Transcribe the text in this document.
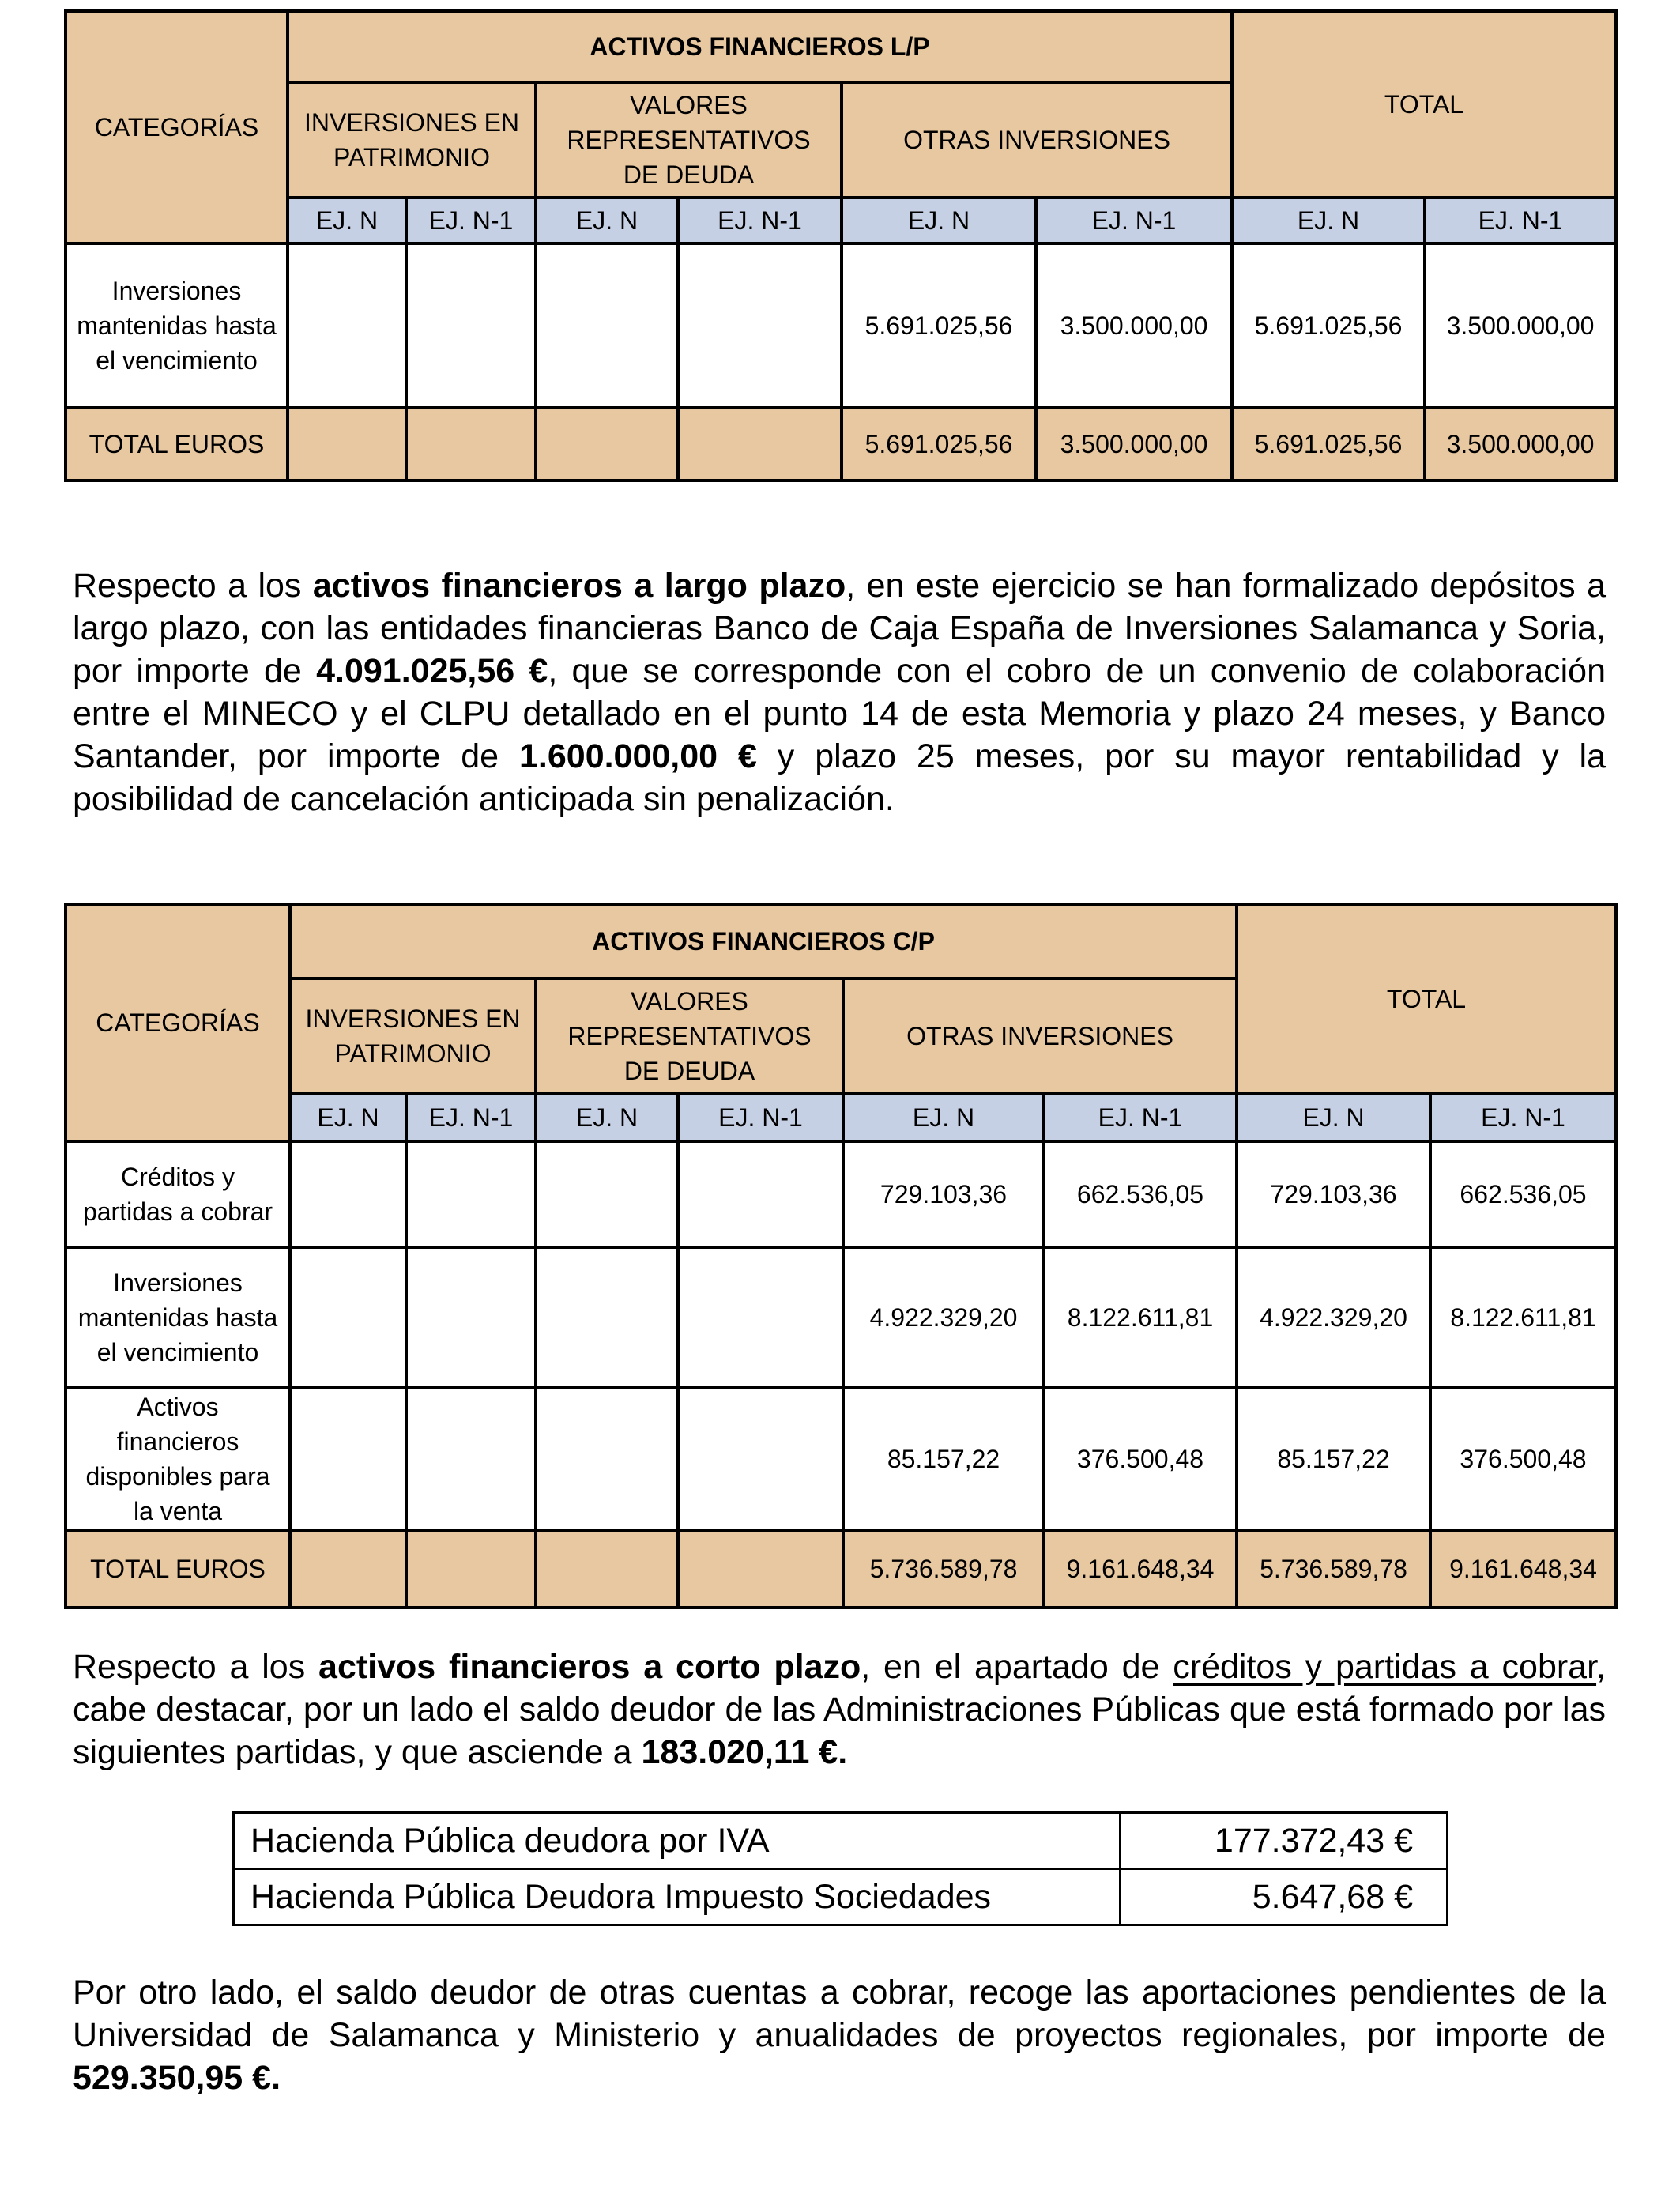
CATEGORÍAS	ACTIVOS FINANCIEROS L/P						TOTAL	
	INVERSIONES EN PATRIMONIO		VALORES REPRESENTATIVOS DE DEUDA		OTRAS INVERSIONES			
	EJ. N	EJ. N-1	EJ. N	EJ. N-1	EJ. N	EJ. N-1	EJ. N	EJ. N-1
Inversiones mantenidas hasta el vencimiento					5.691.025,56	3.500.000,00	5.691.025,56	3.500.000,00
TOTAL EUROS					5.691.025,56	3.500.000,00	5.691.025,56	3.500.000,00

Respecto a los activos financieros a largo plazo, en este ejercicio se han formalizado depósitos a largo plazo, con las entidades financieras Banco de Caja España de Inversiones Salamanca y Soria, por importe de 4.091.025,56 €, que se corresponde con el cobro de un convenio de colaboración entre el MINECO y el CLPU detallado en el punto 14 de esta Memoria y plazo 24 meses, y Banco Santander, por importe de 1.600.000,00 € y plazo 25 meses, por su mayor rentabilidad y la posibilidad de cancelación anticipada sin penalización.

CATEGORÍAS	ACTIVOS FINANCIEROS C/P						TOTAL	
	INVERSIONES EN PATRIMONIO		VALORES REPRESENTATIVOS DE DEUDA		OTRAS INVERSIONES			
	EJ. N	EJ. N-1	EJ. N	EJ. N-1	EJ. N	EJ. N-1	EJ. N	EJ. N-1
Créditos y partidas a cobrar					729.103,36	662.536,05	729.103,36	662.536,05
Inversiones mantenidas hasta el vencimiento					4.922.329,20	8.122.611,81	4.922.329,20	8.122.611,81
Activos financieros disponibles para la venta					85.157,22	376.500,48	85.157,22	376.500,48
TOTAL EUROS					5.736.589,78	9.161.648,34	5.736.589,78	9.161.648,34

Respecto a los activos financieros a corto plazo, en el apartado de créditos y partidas a cobrar, cabe destacar, por un lado el saldo deudor de las Administraciones Públicas que está formado por las siguientes partidas, y que asciende a 183.020,11 €.

Hacienda Pública deudora por IVA	177.372,43 €
Hacienda Pública Deudora Impuesto Sociedades	5.647,68 €

Por otro lado, el saldo deudor de otras cuentas a cobrar, recoge las aportaciones pendientes de la Universidad de Salamanca y Ministerio y anualidades de proyectos regionales, por importe de 529.350,95 €.
